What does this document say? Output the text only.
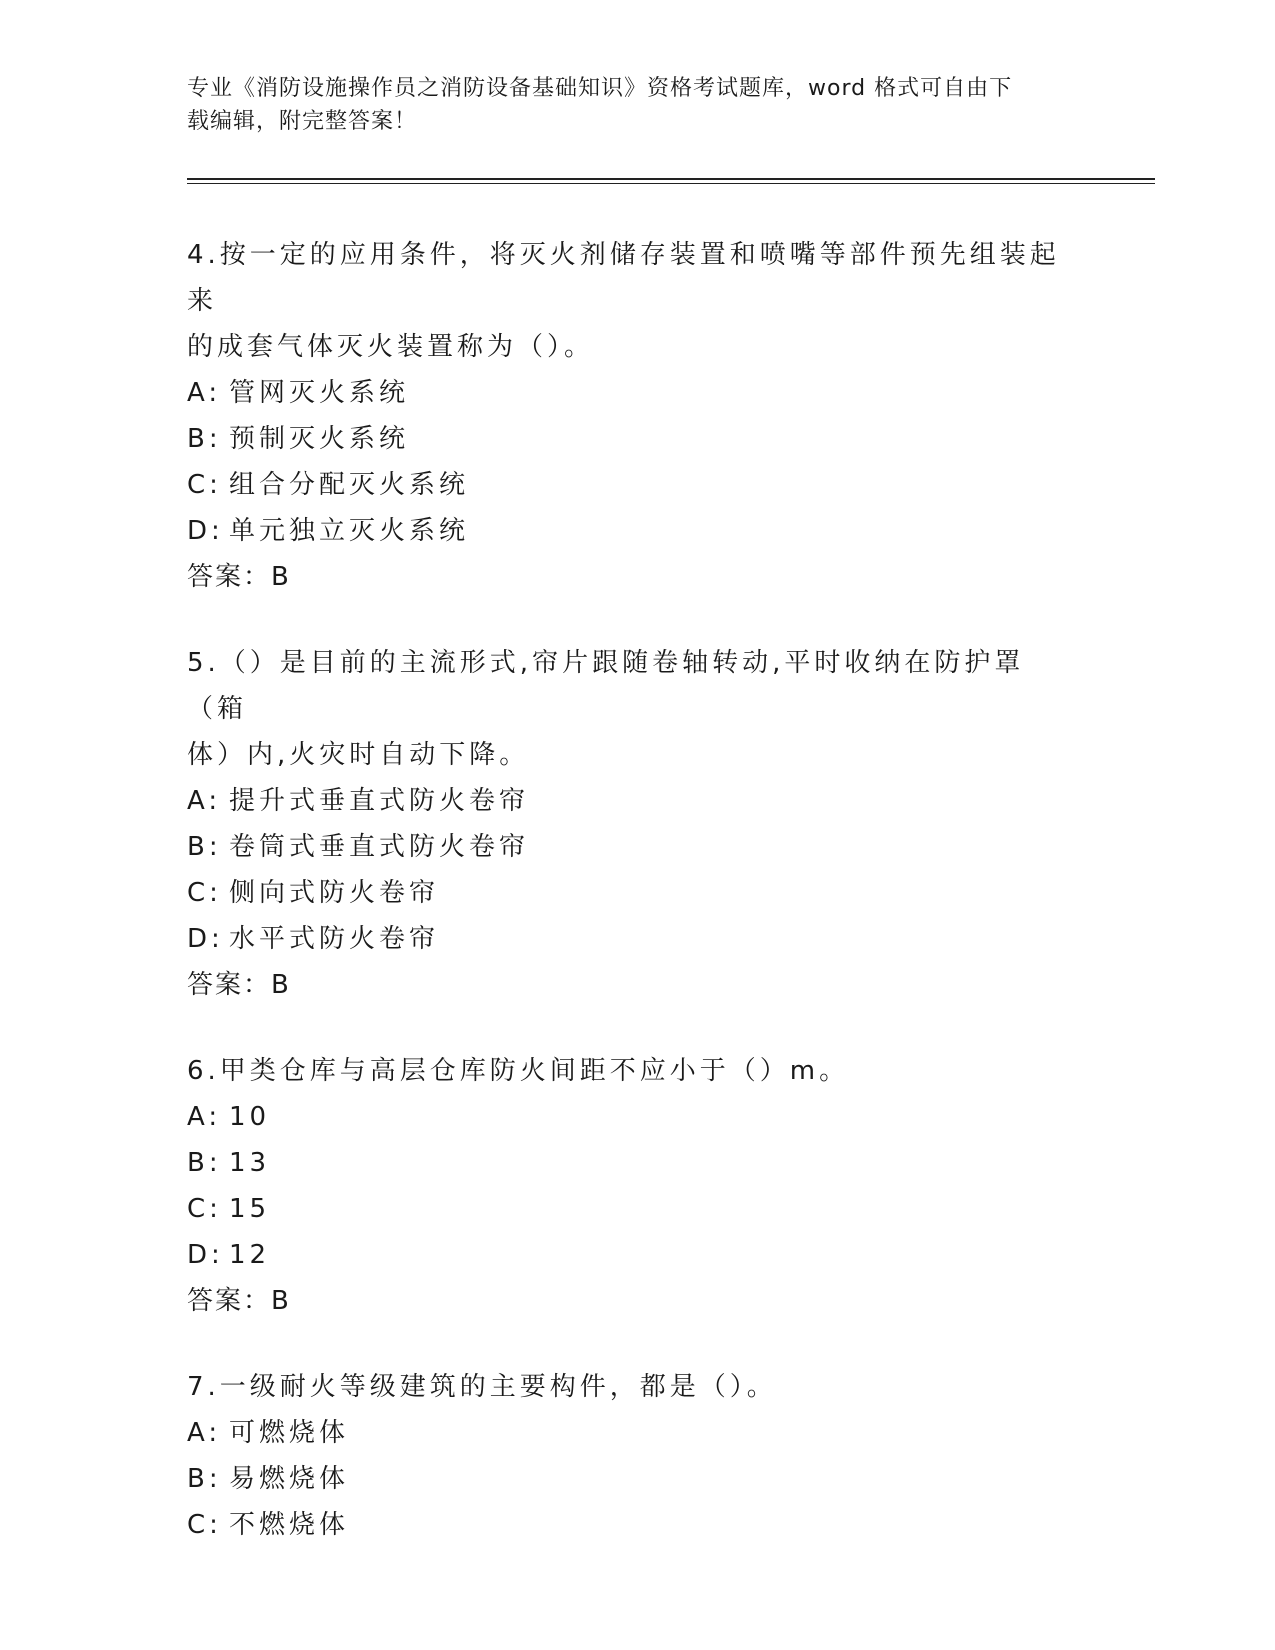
专业《消防设施操作员之消防设备基础知识》资格考试题库，word 格式可自由下
载编辑，附完整答案！

4.按一定的应用条件，将灭火剂储存装置和喷嘴等部件预先组装起来
的成套气体灭火装置称为（）。

A: 管网灭火系统

B: 预制灭火系统

C: 组合分配灭火系统

D: 单元独立灭火系统

答案：B

5.（）是目前的主流形式,帘片跟随卷轴转动,平时收纳在防护罩（箱
体）内,火灾时自动下降。

A: 提升式垂直式防火卷帘

B: 卷筒式垂直式防火卷帘

C: 侧向式防火卷帘

D: 水平式防火卷帘

答案：B

6.甲类仓库与高层仓库防火间距不应小于（）m。

A: 10

B: 13

C: 15

D: 12

答案：B

7.一级耐火等级建筑的主要构件，都是（）。

A: 可燃烧体

B: 易燃烧体

C: 不燃烧体
